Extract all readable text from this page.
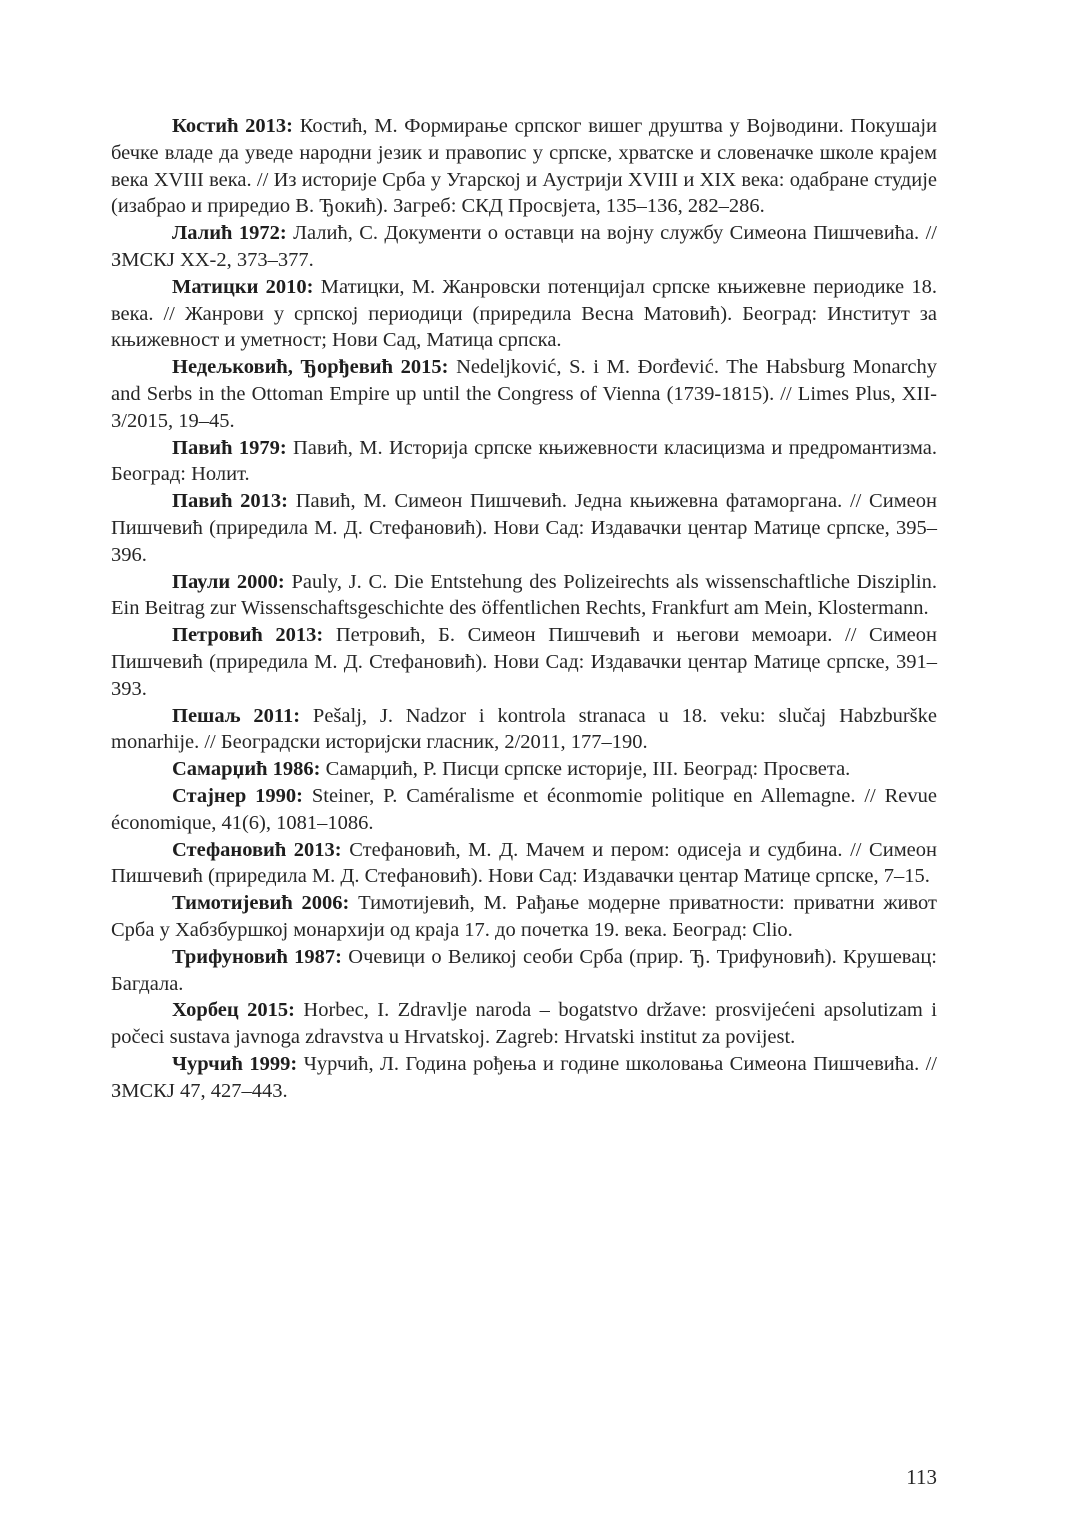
Костић 2013: Костић, М. Формирање српског вишег друштва у Војводини. Покушаји бечке владе да уведе народни језик и правопис у српске, хрватске и словеначке школе крајем века XVIII века. // Из историје Срба у Угарској и Аустрији XVIII и XIX века: одабране студије (изабрао и приредио В. Ђокић). Загреб: СКД Просвјета, 135–136, 282–286.

Лалић 1972: Лалић, С. Документи о оставци на војну службу Симеона Пишчевића. // ЗМСКЈ XX-2, 373–377.

Матицки 2010: Матицки, М. Жанровски потенцијал српске књижевне периодике 18. века. // Жанрови у српској периодици (приредила Весна Матовић). Београд: Институт за књижевност и уметност; Нови Сад, Матица српска.

Недељковић, Ђорђевић 2015: Nedeljković, S. i M. Đorđević. The Habsburg Monarchy and Serbs in the Ottoman Empire up until the Congress of Vienna (1739-1815). // Limes Plus, XII-3/2015, 19–45.

Павић 1979: Павић, М. Историја српске књижевности класицизма и предромантизма. Београд: Нолит.

Павић 2013: Павић, М. Симеон Пишчевић. Једна књижевна фатаморгана. // Симеон Пишчевић (приредила М. Д. Стефановић). Нови Сад: Издавачки центар Матице српске, 395–396.

Паули 2000: Pauly, J. C. Die Entstehung des Polizeirechts als wissenschaftliche Disziplin. Ein Beitrag zur Wissenschaftsgeschichte des öffentlichen Rechts, Frankfurt am Mein, Klostermann.

Петровић 2013: Петровић, Б. Симеон Пишчевић и његови мемоари. // Симеон Пишчевић (приредила М. Д. Стефановић). Нови Сад: Издавачки центар Матице српске, 391–393.

Пешаљ 2011: Pešalj, J. Nadzor i kontrola stranaca u 18. veku: slučaj Habzburške monarhije. // Београдски историјски гласник, 2/2011, 177–190.

Самарџић 1986: Самарџић, Р. Писци српске историје, III. Београд: Просвета.

Стајнер 1990: Steiner, P. Caméralisme et éconmomie politique en Allemagne. // Revue économique, 41(6), 1081–1086.

Стефановић 2013: Стефановић, М. Д. Мачем и пером: одисеја и судбина. // Симеон Пишчевић (приредила М. Д. Стефановић). Нови Сад: Издавачки центар Матице српске, 7–15.

Тимотијевић 2006: Тимотијевић, М. Рађање модерне приватности: приватни живот Срба у Хабзбуршкој монархији од краја 17. до почетка 19. века. Београд: Clio.

Трифуновић 1987: Очевици о Великој сеоби Срба (прир. Ђ. Трифуновић). Крушевац: Багдала.

Хорбец 2015: Horbec, I. Zdravlje naroda – bogatstvo države: prosvijećeni apsolutizam i počeci sustava javnoga zdravstva u Hrvatskoj. Zagreb: Hrvatski institut za povijest.

Чурчић 1999: Чурчић, Л. Година рођења и године школовања Симеона Пишчевића. // ЗМСКЈ 47, 427–443.

113
